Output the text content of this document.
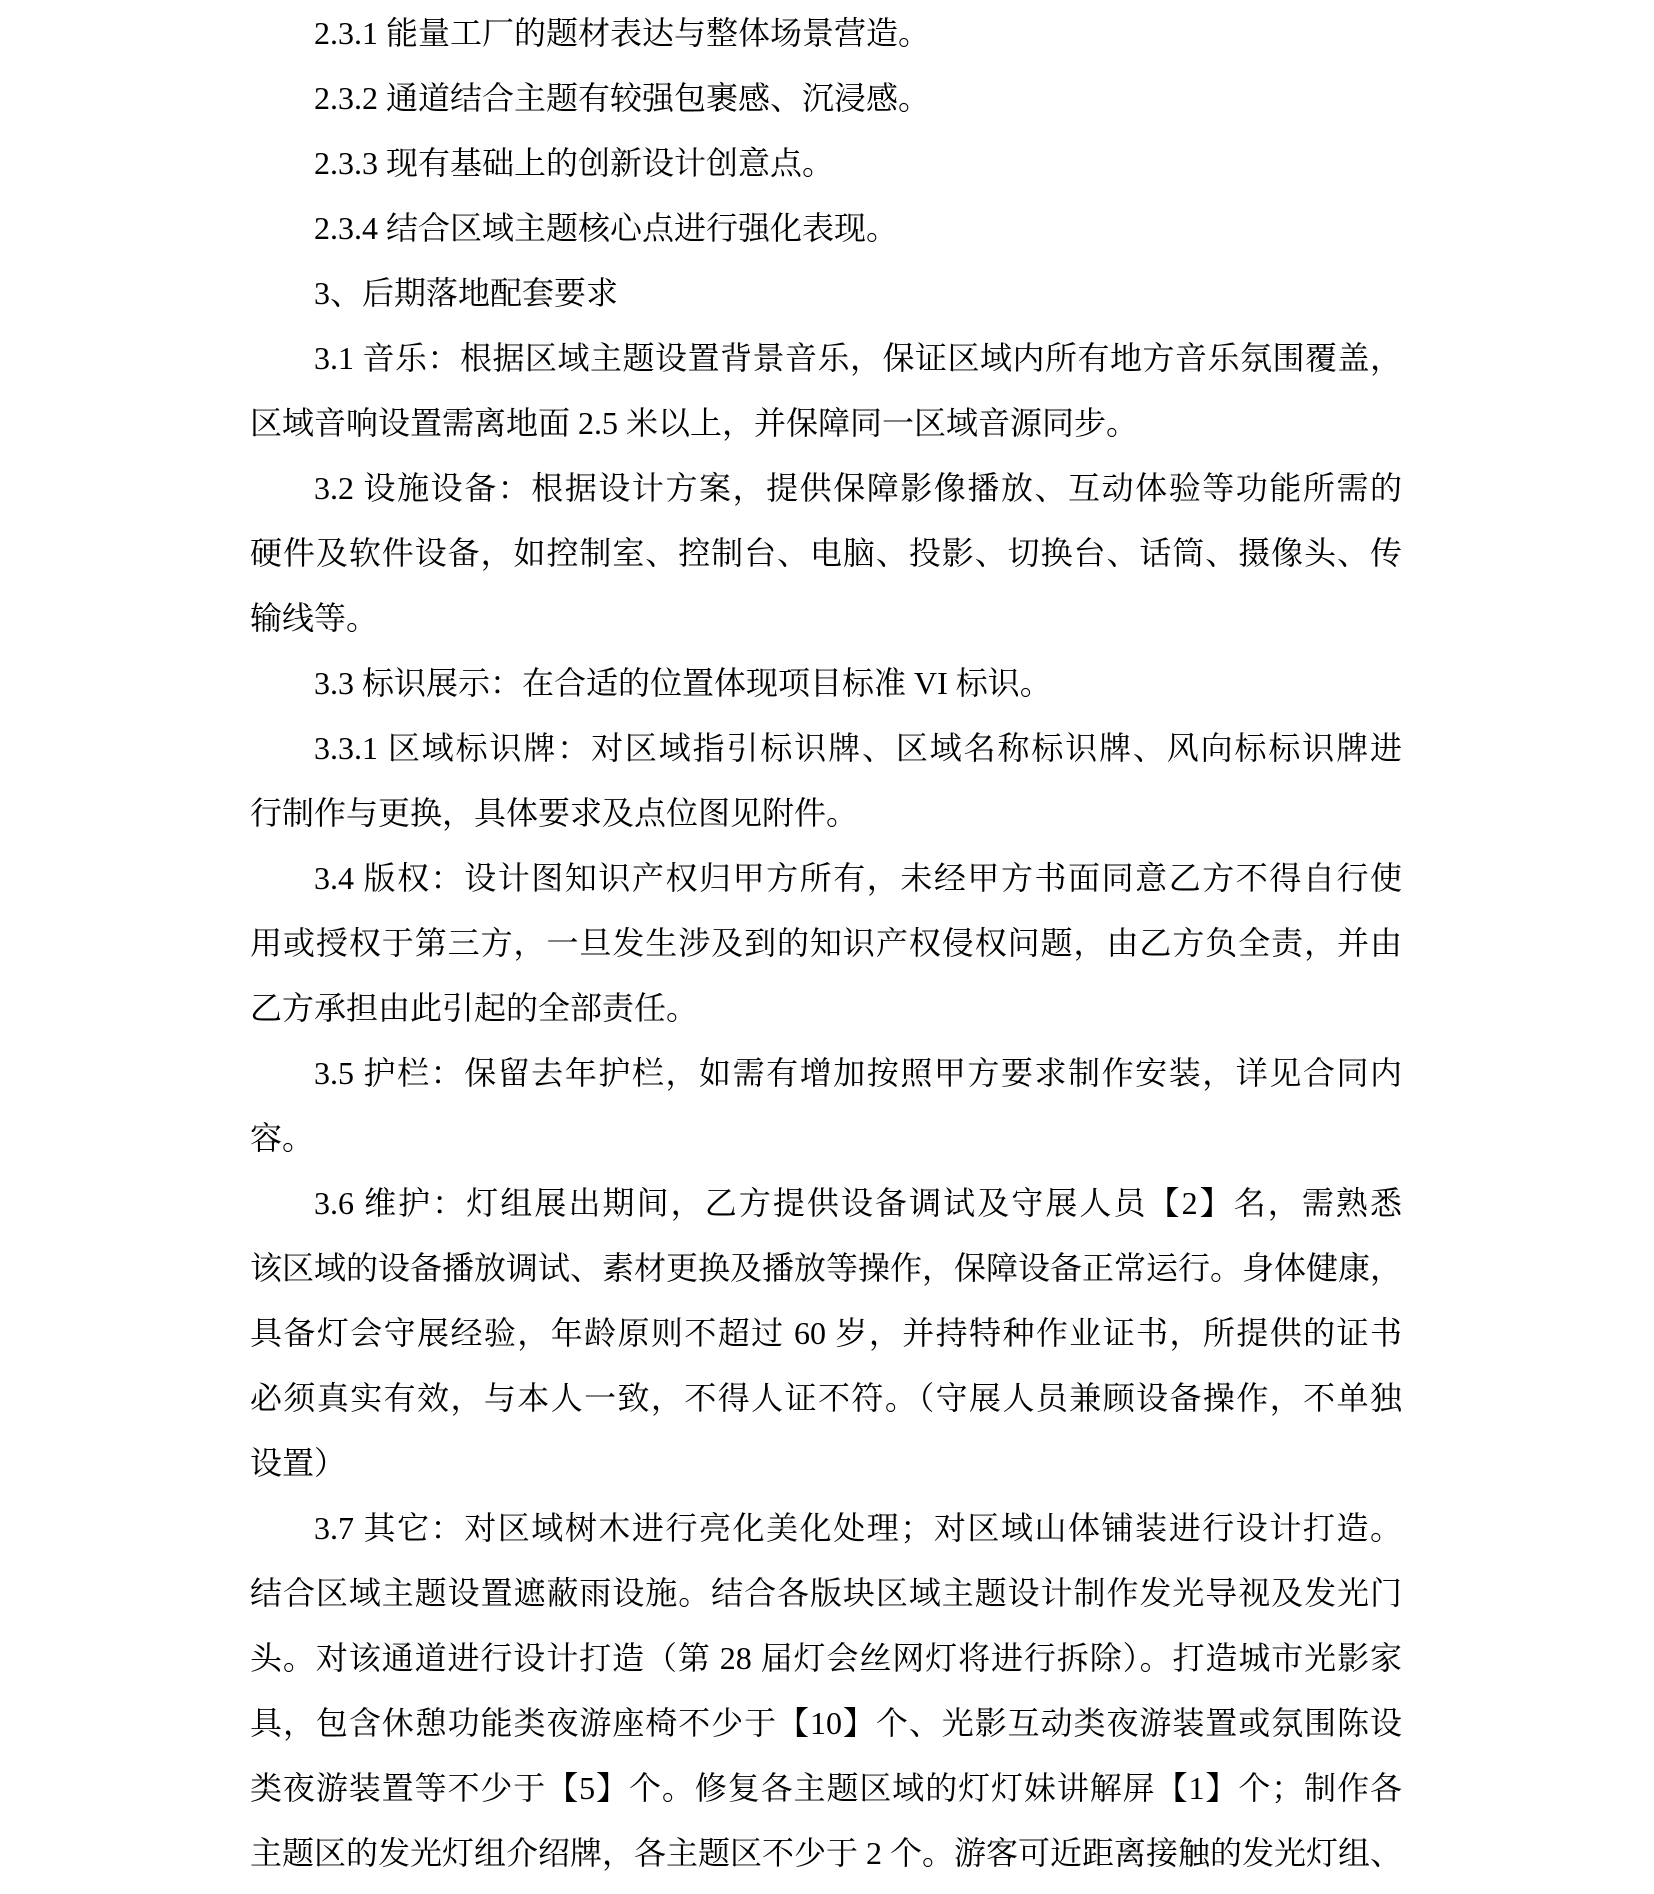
2.3.1 能量工厂的题材表达与整体场景营造。
2.3.2 通道结合主题有较强包裹感、沉浸感。
2.3.3 现有基础上的创新设计创意点。
2.3.4 结合区域主题核心点进行强化表现。
3、后期落地配套要求
3.1 音乐：根据区域主题设置背景音乐，保证区域内所有地方音乐氛围覆盖，
区域音响设置需离地面 2.5 米以上，并保障同一区域音源同步。
3.2 设施设备：根据设计方案，提供保障影像播放、互动体验等功能所需的
硬件及软件设备，如控制室、控制台、电脑、投影、切换台、话筒、摄像头、传
输线等。
3.3 标识展示：在合适的位置体现项目标准 VI 标识。
3.3.1 区域标识牌：对区域指引标识牌、区域名称标识牌、风向标标识牌进
行制作与更换，具体要求及点位图见附件。
3.4 版权：设计图知识产权归甲方所有，未经甲方书面同意乙方不得自行使
用或授权于第三方，一旦发生涉及到的知识产权侵权问题，由乙方负全责，并由
乙方承担由此引起的全部责任。
3.5 护栏：保留去年护栏，如需有增加按照甲方要求制作安装，详见合同内
容。
3.6 维护：灯组展出期间，乙方提供设备调试及守展人员【2】名，需熟悉
该区域的设备播放调试、素材更换及播放等操作，保障设备正常运行。身体健康，
具备灯会守展经验，年龄原则不超过 60 岁，并持特种作业证书，所提供的证书
必须真实有效，与本人一致，不得人证不符。（守展人员兼顾设备操作，不单独
设置）
3.7 其它：对区域树木进行亮化美化处理；对区域山体铺装进行设计打造。
结合区域主题设置遮蔽雨设施。结合各版块区域主题设计制作发光导视及发光门
头。对该通道进行设计打造（第 28 届灯会丝网灯将进行拆除）。打造城市光影家
具，包含休憩功能类夜游座椅不少于【10】个、光影互动类夜游装置或氛围陈设
类夜游装置等不少于【5】个。修复各主题区域的灯灯妹讲解屏【1】个；制作各
主题区的发光灯组介绍牌，各主题区不少于 2 个。游客可近距离接触的发光灯组、
